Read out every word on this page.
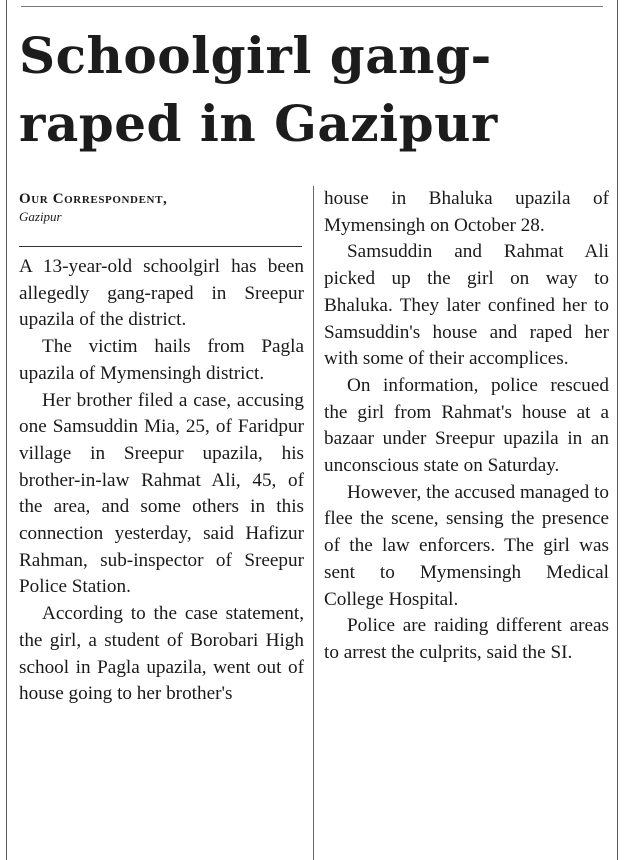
Schoolgirl gang-raped in Gazipur
Our Correspondent,
Gazipur

A 13-year-old schoolgirl has been allegedly gang-raped in Sreepur upazila of the district.

The victim hails from Pagla upazila of Mymensingh district.

Her brother filed a case, accusing one Samsuddin Mia, 25, of Faridpur village in Sreepur upazila, his brother-in-law Rahmat Ali, 45, of the area, and some others in this connection yesterday, said Hafizur Rahman, sub-inspector of Sreepur Police Station.

According to the case statement, the girl, a student of Borobari High school in Pagla upazila, went out of house going to her brother's

house in Bhaluka upazila of Mymensingh on October 28.

Samsuddin and Rahmat Ali picked up the girl on way to Bhaluka. They later confined her to Samsuddin's house and raped her with some of their accomplices.

On information, police rescued the girl from Rahmat's house at a bazaar under Sreepur upazila in an unconscious state on Saturday.

However, the accused managed to flee the scene, sensing the presence of the law enforcers. The girl was sent to Mymensingh Medical College Hospital.

Police are raiding different areas to arrest the culprits, said the SI.
